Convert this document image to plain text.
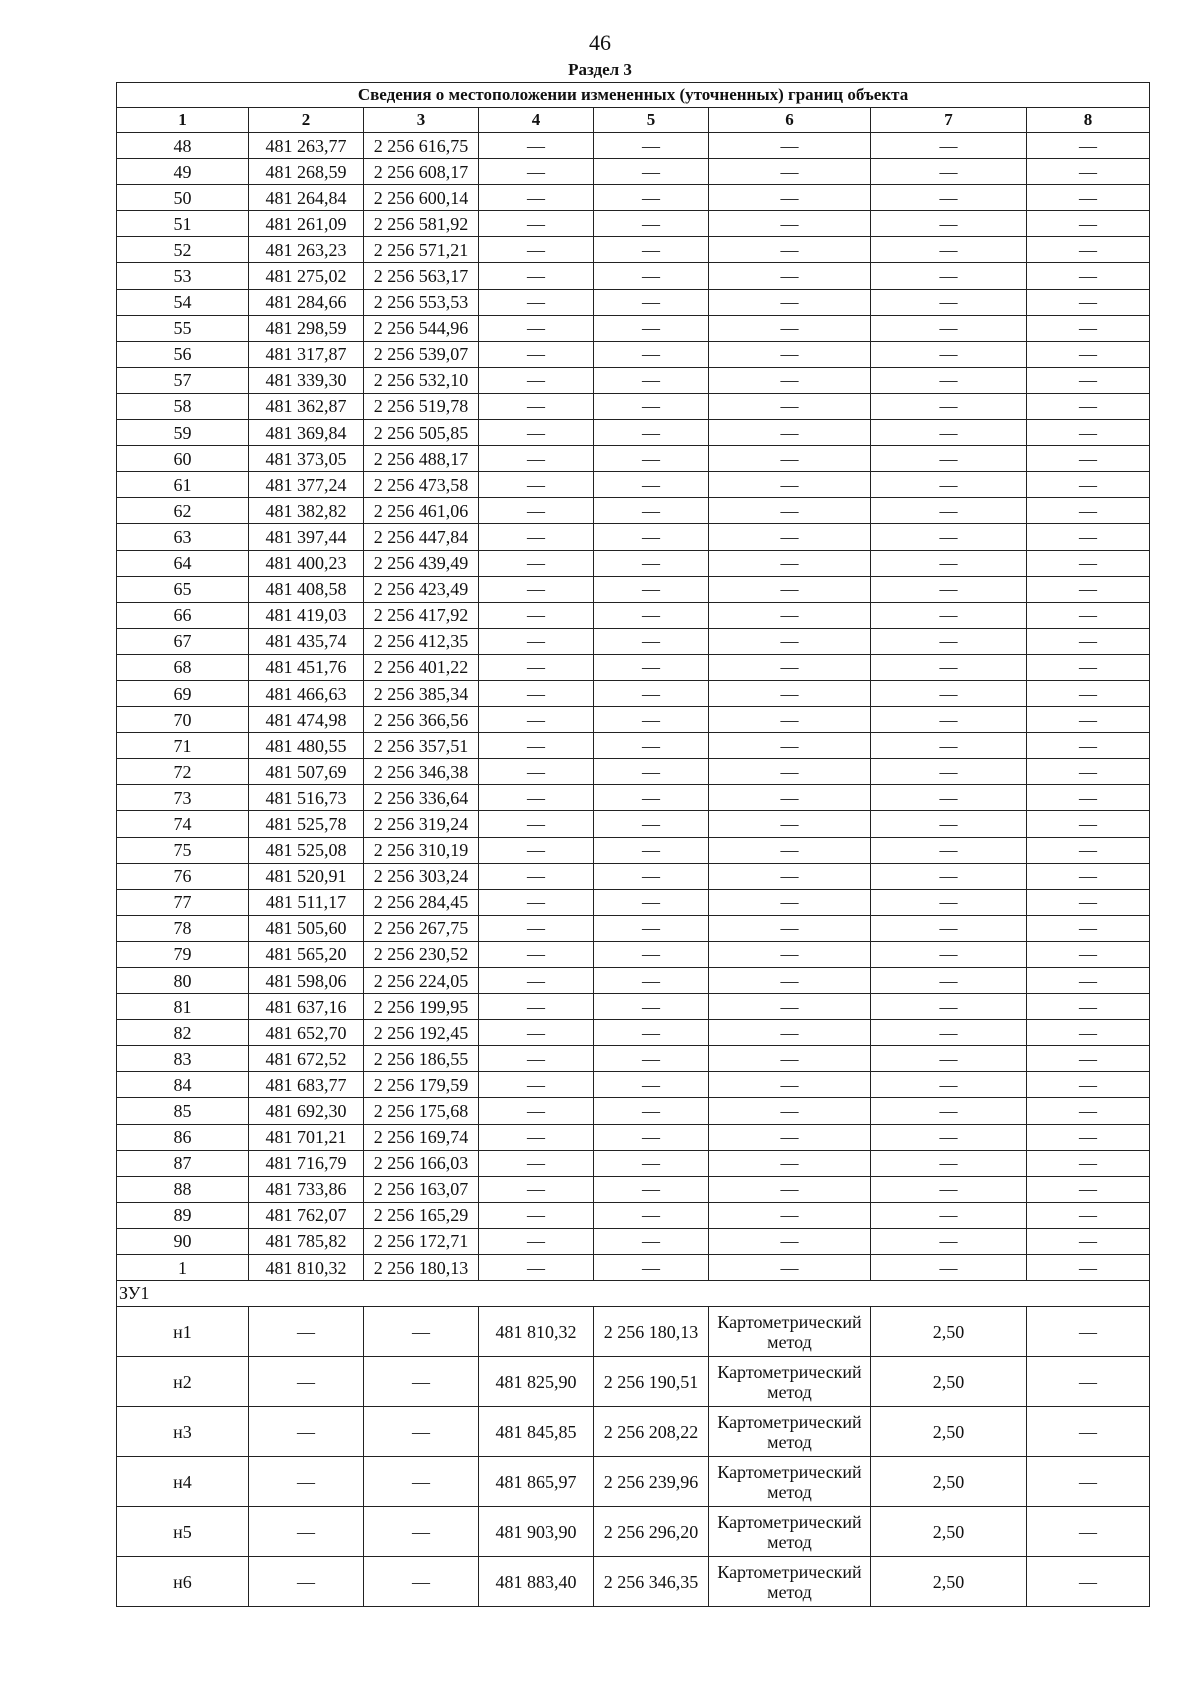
46
Раздел 3
Сведения о местоположении измененных (уточненных) границ объекта							
1	2	3	4	5	6	7	8
48	481 263,77	2 256 616,75	—	—	—	—	—
49	481 268,59	2 256 608,17	—	—	—	—	—
50	481 264,84	2 256 600,14	—	—	—	—	—
51	481 261,09	2 256 581,92	—	—	—	—	—
52	481 263,23	2 256 571,21	—	—	—	—	—
53	481 275,02	2 256 563,17	—	—	—	—	—
54	481 284,66	2 256 553,53	—	—	—	—	—
55	481 298,59	2 256 544,96	—	—	—	—	—
56	481 317,87	2 256 539,07	—	—	—	—	—
57	481 339,30	2 256 532,10	—	—	—	—	—
58	481 362,87	2 256 519,78	—	—	—	—	—
59	481 369,84	2 256 505,85	—	—	—	—	—
60	481 373,05	2 256 488,17	—	—	—	—	—
61	481 377,24	2 256 473,58	—	—	—	—	—
62	481 382,82	2 256 461,06	—	—	—	—	—
63	481 397,44	2 256 447,84	—	—	—	—	—
64	481 400,23	2 256 439,49	—	—	—	—	—
65	481 408,58	2 256 423,49	—	—	—	—	—
66	481 419,03	2 256 417,92	—	—	—	—	—
67	481 435,74	2 256 412,35	—	—	—	—	—
68	481 451,76	2 256 401,22	—	—	—	—	—
69	481 466,63	2 256 385,34	—	—	—	—	—
70	481 474,98	2 256 366,56	—	—	—	—	—
71	481 480,55	2 256 357,51	—	—	—	—	—
72	481 507,69	2 256 346,38	—	—	—	—	—
73	481 516,73	2 256 336,64	—	—	—	—	—
74	481 525,78	2 256 319,24	—	—	—	—	—
75	481 525,08	2 256 310,19	—	—	—	—	—
76	481 520,91	2 256 303,24	—	—	—	—	—
77	481 511,17	2 256 284,45	—	—	—	—	—
78	481 505,60	2 256 267,75	—	—	—	—	—
79	481 565,20	2 256 230,52	—	—	—	—	—
80	481 598,06	2 256 224,05	—	—	—	—	—
81	481 637,16	2 256 199,95	—	—	—	—	—
82	481 652,70	2 256 192,45	—	—	—	—	—
83	481 672,52	2 256 186,55	—	—	—	—	—
84	481 683,77	2 256 179,59	—	—	—	—	—
85	481 692,30	2 256 175,68	—	—	—	—	—
86	481 701,21	2 256 169,74	—	—	—	—	—
87	481 716,79	2 256 166,03	—	—	—	—	—
88	481 733,86	2 256 163,07	—	—	—	—	—
89	481 762,07	2 256 165,29	—	—	—	—	—
90	481 785,82	2 256 172,71	—	—	—	—	—
1	481 810,32	2 256 180,13	—	—	—	—	—
ЗУ1							
н1	—	—	481 810,32	2 256 180,13	Картометрический метод	2,50	—
н2	—	—	481 825,90	2 256 190,51	Картометрический метод	2,50	—
н3	—	—	481 845,85	2 256 208,22	Картометрический метод	2,50	—
н4	—	—	481 865,97	2 256 239,96	Картометрический метод	2,50	—
н5	—	—	481 903,90	2 256 296,20	Картометрический метод	2,50	—
н6	—	—	481 883,40	2 256 346,35	Картометрический метод	2,50	—
